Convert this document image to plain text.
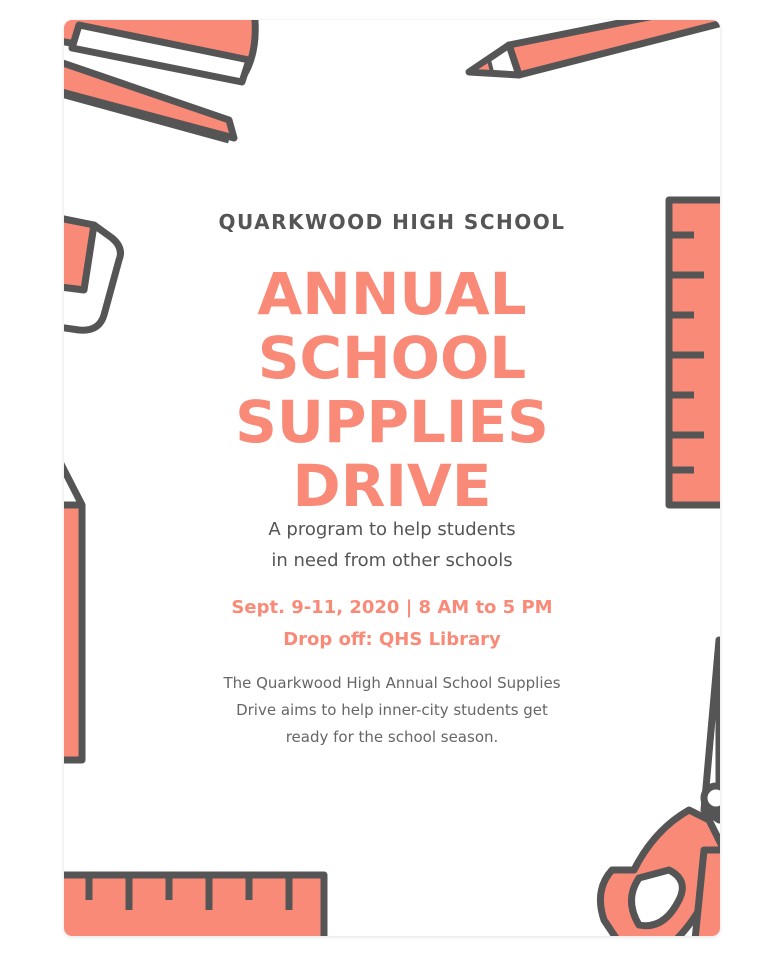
QUARKWOOD HIGH SCHOOL
ANNUAL
SCHOOL
SUPPLIES
DRIVE
A program to help students
in need from other schools
Sept. 9-11, 2020 | 8 AM to 5 PM
Drop off: QHS Library
The Quarkwood High Annual School Supplies
Drive aims to help inner-city students get
ready for the school season.
